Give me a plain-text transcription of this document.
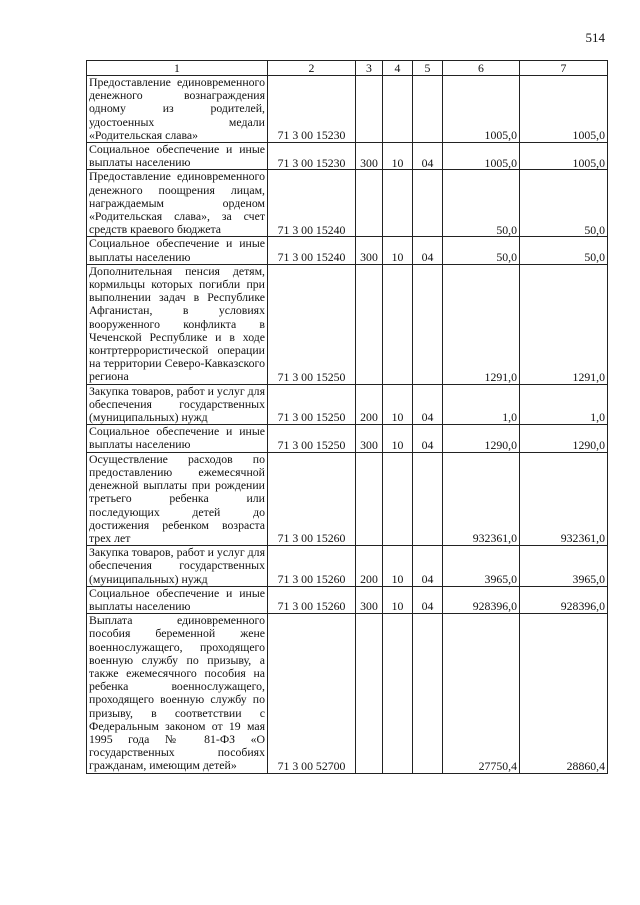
514
1	2	3	4	5	6	7
Предоставление единовременного денежного вознаграждения одному из родителей, удостоенных медали «Родительская слава»	71 3 00 15230				1005,0	1005,0
Социальное обеспечение и иные выплаты населению	71 3 00 15230	300	10	04	1005,0	1005,0
Предоставление единовременного денежного поощрения лицам, награждаемым орденом «Родительская слава», за счет средств краевого бюджета	71 3 00 15240				50,0	50,0
Социальное обеспечение и иные выплаты населению	71 3 00 15240	300	10	04	50,0	50,0
Дополнительная пенсия детям, кормильцы которых погибли при выполнении задач в Республике Афганистан, в условиях вооруженного конфликта в Чеченской Республике и в ходе контртеррористической операции на территории Северо-Кавказского региона	71 3 00 15250				1291,0	1291,0
Закупка товаров, работ и услуг для обеспечения государственных (муниципальных) нужд	71 3 00 15250	200	10	04	1,0	1,0
Социальное обеспечение и иные выплаты населению	71 3 00 15250	300	10	04	1290,0	1290,0
Осуществление расходов по предоставлению ежемесячной денежной выплаты при рождении третьего ребенка или последующих детей до достижения ребенком возраста трех лет	71 3 00 15260				932361,0	932361,0
Закупка товаров, работ и услуг для обеспечения государственных (муниципальных) нужд	71 3 00 15260	200	10	04	3965,0	3965,0
Социальное обеспечение и иные выплаты населению	71 3 00 15260	300	10	04	928396,0	928396,0
Выплата единовременного пособия беременной жене военнослужащего, проходящего военную службу по призыву, а также ежемесячного пособия на ребенка военнослужащего, проходящего военную службу по призыву, в соответствии с Федеральным законом от 19 мая 1995 года № 81-ФЗ «О государственных пособиях гражданам, имеющим детей»	71 3 00 52700				27750,4	28860,4
